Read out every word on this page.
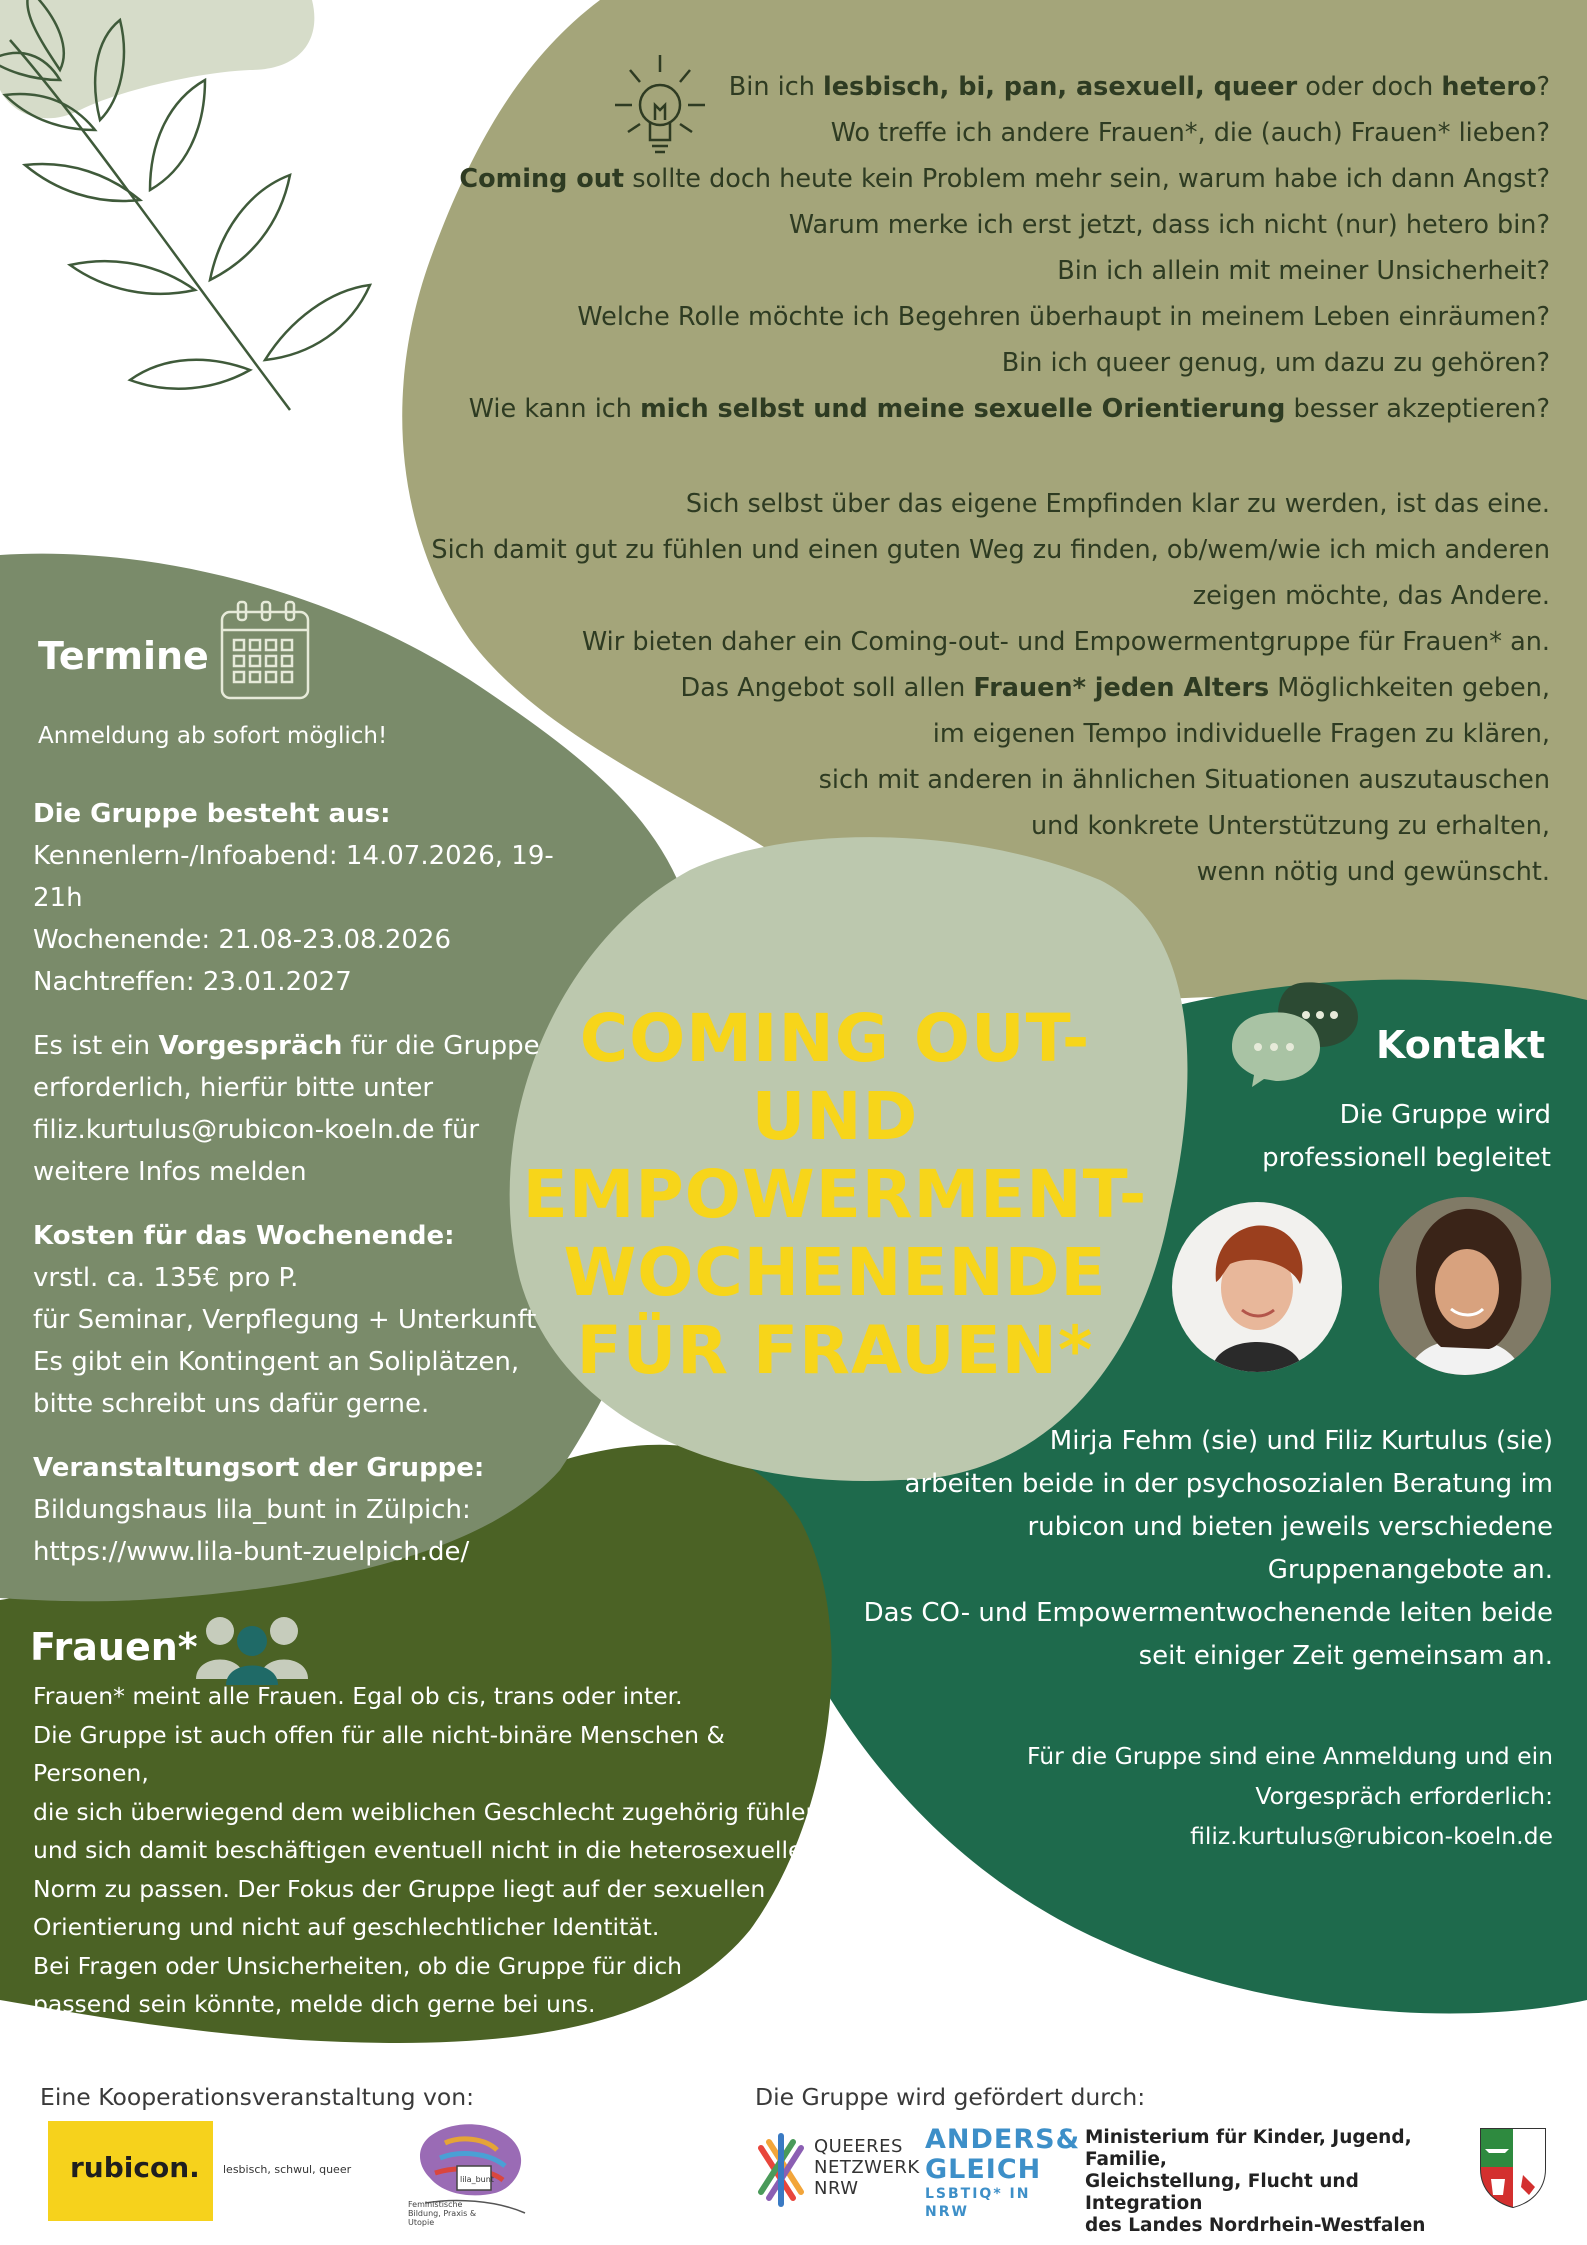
Bin ich lesbisch, bi, pan, asexuell, queer oder doch hetero?
Wo treffe ich andere Frauen*, die (auch) Frauen* lieben?
Coming out sollte doch heute kein Problem mehr sein, warum habe ich dann Angst?
Warum merke ich erst jetzt, dass ich nicht (nur) hetero bin?
Bin ich allein mit meiner Unsicherheit?
Welche Rolle möchte ich Begehren überhaupt in meinem Leben einräumen?
Bin ich queer genug, um dazu zu gehören?
Wie kann ich mich selbst und meine sexuelle Orientierung besser akzeptieren?
Sich selbst über das eigene Empfinden klar zu werden, ist das eine.
Sich damit gut zu fühlen und einen guten Weg zu finden, ob/wem/wie ich mich anderen
zeigen möchte, das Andere.
Wir bieten daher ein Coming-out- und Empowermentgruppe für Frauen* an.
Das Angebot soll allen Frauen* jeden Alters Möglichkeiten geben,
im eigenen Tempo individuelle Fragen zu klären,
sich mit anderen in ähnlichen Situationen auszutauschen
und konkrete Unterstützung zu erhalten,
wenn nötig und gewünscht.
Termine
Anmeldung ab sofort möglich!
Die Gruppe besteht aus:
Kennenlern-/Infoabend: 14.07.2026, 19-21h
Wochenende: 21.08-23.08.2026
Nachtreffen: 23.01.2027
Es ist ein Vorgespräch für die Gruppe
erforderlich, hierfür bitte unter
filiz.kurtulus@rubicon-koeln.de für
weitere Infos melden
Kosten für das Wochenende:
vrstl. ca. 135€ pro P.
für Seminar, Verpflegung + Unterkunft
Es gibt ein Kontingent an Soliplätzen,
bitte schreibt uns dafür gerne.
Veranstaltungsort der Gruppe:
Bildungshaus lila_bunt in Zülpich:
https://www.lila-bunt-zuelpich.de/
COMING OUT- UND
EMPOWERMENT-
WOCHENENDE
FÜR FRAUEN*
Kontakt
Die Gruppe wird
professionell begleitet
Mirja Fehm (sie) und Filiz Kurtulus (sie)
arbeiten beide in der psychosozialen Beratung im
rubicon und bieten jeweils verschiedene
Gruppenangebote an.
Das CO- und Empowermentwochenende leiten beide
seit einiger Zeit gemeinsam an.
Für die Gruppe sind eine Anmeldung und ein
Vorgespräch erforderlich:
filiz.kurtulus@rubicon-koeln.de
Frauen*
Frauen* meint alle Frauen. Egal ob cis, trans oder inter.
Die Gruppe ist auch offen für alle nicht-binäre Menschen & Personen,
die sich überwiegend dem weiblichen Geschlecht zugehörig fühlen
und sich damit beschäftigen eventuell nicht in die heterosexuelle
Norm zu passen. Der Fokus der Gruppe liegt auf der sexuellen
Orientierung und nicht auf geschlechtlicher Identität.
Bei Fragen oder Unsicherheiten, ob die Gruppe für dich
passend sein könnte, melde dich gerne bei uns.
Eine Kooperationsveranstaltung von:	Die Gruppe wird gefördert durch:
rubicon. lesbisch, schwul, queer
lila_bunt
Feministische Bildung, Praxis & Utopie
QUEERES
NETZWERK
NRW
ANDERS&
GLEICH
LSBTIQ* IN NRW
Ministerium für Kinder, Jugend, Familie,
Gleichstellung, Flucht und Integration
des Landes Nordrhein-Westfalen
